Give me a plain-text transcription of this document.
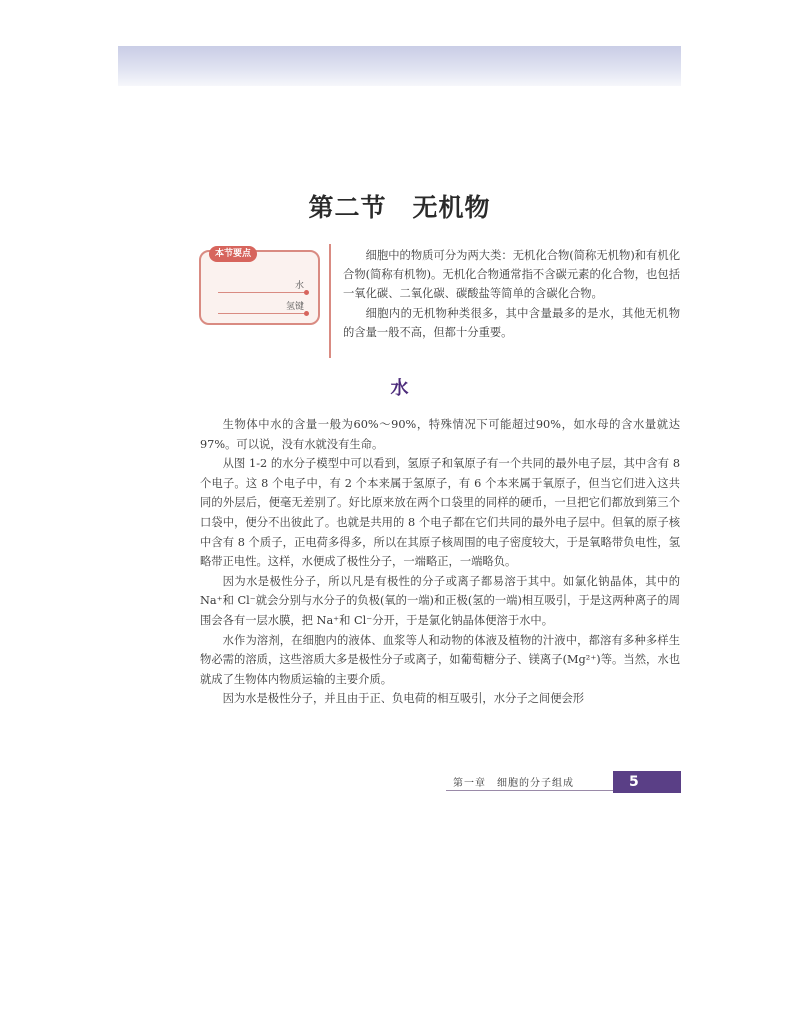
第二节　无机物
本节要点
水
氢键

细胞中的物质可分为两大类：无机化合物(简称无机物)和有机化合物(简称有机物)。无机化合物通常指不含碳元素的化合物，也包括一氧化碳、二氧化碳、碳酸盐等简单的含碳化合物。

细胞内的无机物种类很多，其中含量最多的是水，其他无机物的含量一般不高，但都十分重要。

水

生物体中水的含量一般为60%～90%，特殊情况下可能超过90%，如水母的含水量就达97%。可以说，没有水就没有生命。

从图 1-2 的水分子模型中可以看到，氢原子和氧原子有一个共同的最外电子层，其中含有 8 个电子。这 8 个电子中，有 2 个本来属于氢原子，有 6 个本来属于氧原子，但当它们进入这共同的外层后，便毫无差别了。好比原来放在两个口袋里的同样的硬币，一旦把它们都放到第三个口袋中，便分不出彼此了。也就是共用的 8 个电子都在它们共同的最外电子层中。但氧的原子核中含有 8 个质子，正电荷多得多，所以在其原子核周围的电子密度较大，于是氧略带负电性，氢略带正电性。这样，水便成了极性分子，一端略正，一端略负。

因为水是极性分子，所以凡是有极性的分子或离子都易溶于其中。如氯化钠晶体，其中的 Na⁺和 Cl⁻就会分别与水分子的负极(氧的一端)和正极(氢的一端)相互吸引，于是这两种离子的周围会各有一层水膜，把 Na⁺和 Cl⁻分开，于是氯化钠晶体便溶于水中。

水作为溶剂，在细胞内的液体、血浆等人和动物的体液及植物的汁液中，都溶有多种多样生物必需的溶质，这些溶质大多是极性分子或离子，如葡萄糖分子、镁离子(Mg²⁺)等。当然，水也就成了生物体内物质运输的主要介质。

因为水是极性分子，并且由于正、负电荷的相互吸引，水分子之间便会形

第一章　细胞的分子组成	5
